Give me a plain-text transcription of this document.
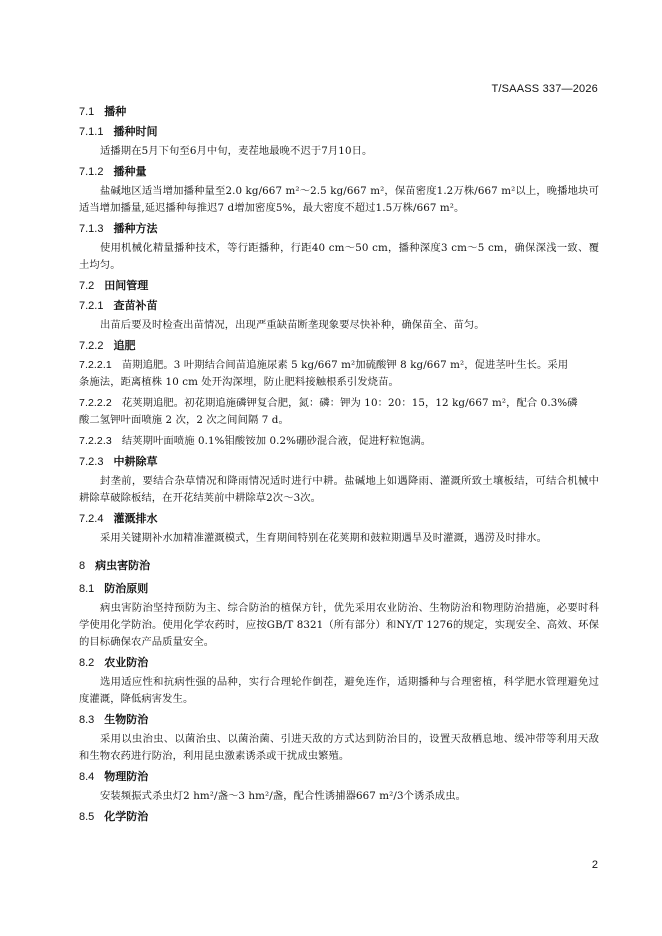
T/SAASS 337—2026
7.1 播种
7.1.1 播种时间

适播期在5月下旬至6月中旬，麦茬地最晚不迟于7月10日。

7.1.2 播种量

盐碱地区适当增加播种量至2.0 kg/667 m²～2.5 kg/667 m²，保苗密度1.2万株/667 m²以上，晚播地块可适当增加播量,延迟播种每推迟7 d增加密度5%，最大密度不超过1.5万株/667 m²。

7.1.3 播种方法

使用机械化精量播种技术，等行距播种，行距40 cm～50 cm，播种深度3 cm～5 cm，确保深浅一致、覆土均匀。

7.2 田间管理
7.2.1 查苗补苗

出苗后要及时检查出苗情况，出现严重缺苗断垄现象要尽快补种，确保苗全、苗匀。

7.2.2 追肥

7.2.2.1 苗期追肥。3 叶期结合间苗追施尿素 5 kg/667 m²加硫酸钾 8 kg/667 m²，促进茎叶生长。采用

条施法，距离植株 10 cm 处开沟深埋，防止肥料接触根系引发烧苗。

7.2.2.2 花荚期追肥。初花期追施磷钾复合肥，氮：磷：钾为 10：20：15，12 kg/667 m²，配合 0.3%磷

酸二氢钾叶面喷施 2 次，2 次之间间隔 7 d。

7.2.2.3 结荚期叶面喷施 0.1%钼酸铵加 0.2%硼砂混合液，促进籽粒饱满。

7.2.3 中耕除草

封垄前，要结合杂草情况和降雨情况适时进行中耕。盐碱地上如遇降雨、灌溉所致土壤板结，可结合机械中耕除草破除板结，在开花结荚前中耕除草2次～3次。

7.2.4 灌溉排水

采用关键期补水加精准灌溉模式，生育期间特别在花荚期和鼓粒期遇旱及时灌溉，遇涝及时排水。

8 病虫害防治
8.1 防治原则

病虫害防治坚持预防为主、综合防治的植保方针，优先采用农业防治、生物防治和物理防治措施，必要时科学使用化学防治。使用化学农药时，应按GB/T 8321（所有部分）和NY/T 1276的规定，实现安全、高效、环保的目标确保农产品质量安全。

8.2 农业防治

选用适应性和抗病性强的品种，实行合理轮作倒茬，避免连作，适期播种与合理密植，科学肥水管理避免过度灌溉，降低病害发生。

8.3 生物防治

采用以虫治虫、以菌治虫、以菌治菌、引进天敌的方式达到防治目的，设置天敌栖息地、缓冲带等利用天敌和生物农药进行防治，利用昆虫激素诱杀或干扰成虫繁殖。

8.4 物理防治

安装频振式杀虫灯2 hm²/盏～3 hm²/盏，配合性诱捕器667 m²/3个诱杀成虫。

8.5 化学防治
2
